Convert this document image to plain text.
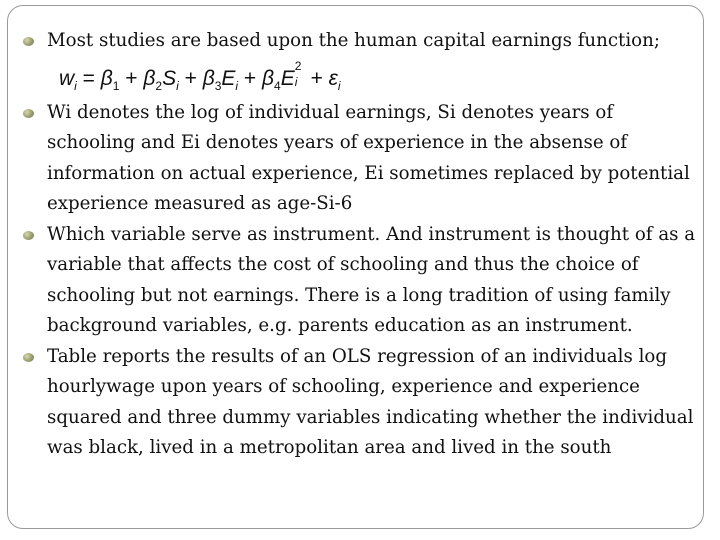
Most studies are based upon the human capital earnings function;
$w_i = \beta_1 + \beta_2S_i + \beta_3E_i + \beta_4E$
2
$i + \varepsilon_i$
Wi denotes the log of individual earnings, Si denotes years of schooling and Ei denotes years of experience in the absense of information on actual experience, Ei sometimes replaced by potential experience measured as age-Si-6
Which variable serve as instrument. And instrument is thought of as a variable that affects the cost of schooling and thus the choice of schooling but not earnings. There is a long tradition of using family background variables, e.g. parents education as an instrument.
Table reports the results of an OLS regression of an individuals log hourlywage upon years of schooling, experience and experience squared and three dummy variables indicating whether the individual was black, lived in a metropolitan area and lived in the south
